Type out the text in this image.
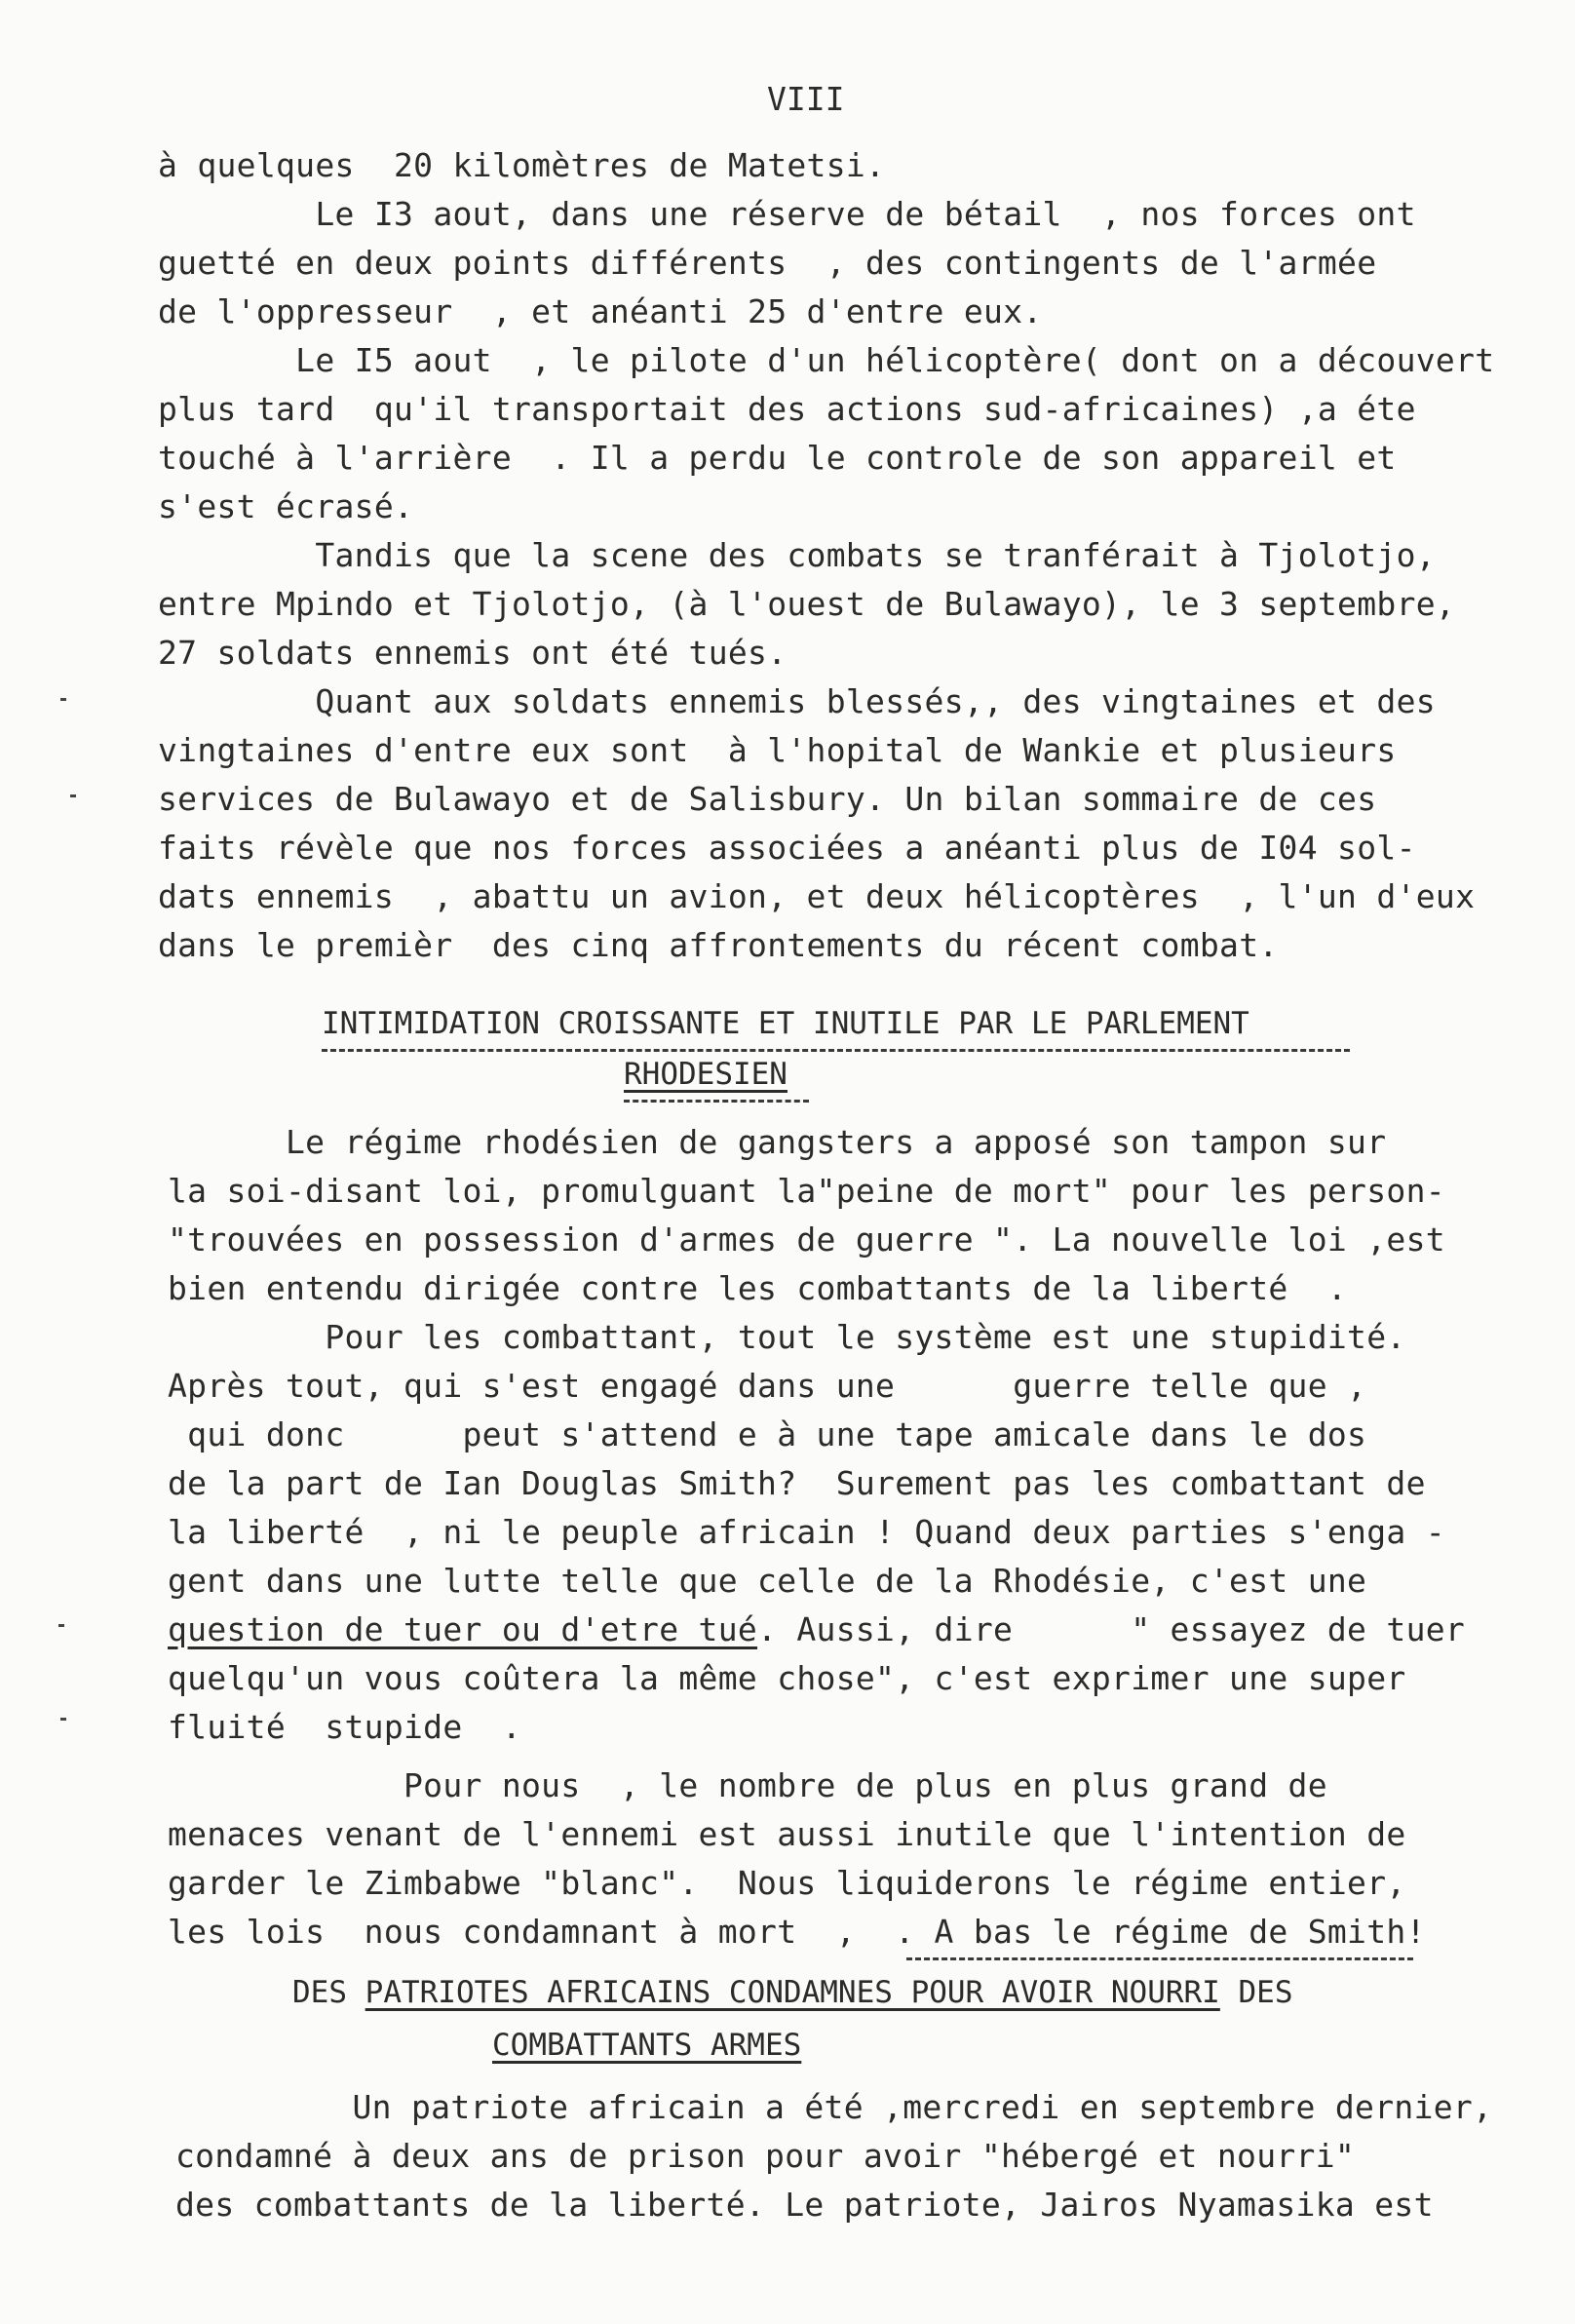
VIII
à quelques  20 kilomètres de Matetsi.
Le I3 aout, dans une réserve de bétail  , nos forces ont
guetté en deux points différents  , des contingents de l'armée
de l'oppresseur  , et anéanti 25 d'entre eux.
Le I5 aout  , le pilote d'un hélicoptère( dont on a découvert
plus tard  qu'il transportait des actions sud-africaines) ,a éte
touché à l'arrière  . Il a perdu le controle de son appareil et
s'est écrasé.
Tandis que la scene des combats se tranférait à Tjolotjo,
entre Mpindo et Tjolotjo, (à l'ouest de Bulawayo), le 3 septembre,
27 soldats ennemis ont été tués.
Quant aux soldats ennemis blessés,, des vingtaines et des
vingtaines d'entre eux sont  à l'hopital de Wankie et plusieurs
services de Bulawayo et de Salisbury. Un bilan sommaire de ces
faits révèle que nos forces associées a anéanti plus de I04 sol-
dats ennemis  , abattu un avion, et deux hélicoptères  , l'un d'eux
dans le premièr  des cinq affrontements du récent combat.
INTIMIDATION CROISSANTE ET INUTILE PAR LE PARLEMENT
RHODESIEN
Le régime rhodésien de gangsters a apposé son tampon sur
la soi-disant loi, promulguant la"peine de mort" pour les person-
"trouvées en possession d'armes de guerre ". La nouvelle loi ,est
bien entendu dirigée contre les combattants de la liberté  .
Pour les combattant, tout le système est une stupidité.
Après tout, qui s'est engagé dans une      guerre telle que ,
qui donc      peut s'attend e à une tape amicale dans le dos
de la part de Ian Douglas Smith?  Surement pas les combattant de
la liberté  , ni le peuple africain ! Quand deux parties s'enga -
gent dans une lutte telle que celle de la Rhodésie, c'est une
question de tuer ou d'etre tué. Aussi, dire      " essayez de tuer
quelqu'un vous coûtera la même chose", c'est exprimer une super
fluité  stupide  .
Pour nous  , le nombre de plus en plus grand de
menaces venant de l'ennemi est aussi inutile que l'intention de
garder le Zimbabwe "blanc".  Nous liquiderons le régime entier,
les lois  nous condamnant à mort  ,  . A bas le régime de Smith!
DES PATRIOTES AFRICAINS CONDAMNES POUR AVOIR NOURRI DES
COMBATTANTS ARMES
Un patriote africain a été ,mercredi en septembre dernier,
condamné à deux ans de prison pour avoir "hébergé et nourri"
des combattants de la liberté. Le patriote, Jairos Nyamasika est
